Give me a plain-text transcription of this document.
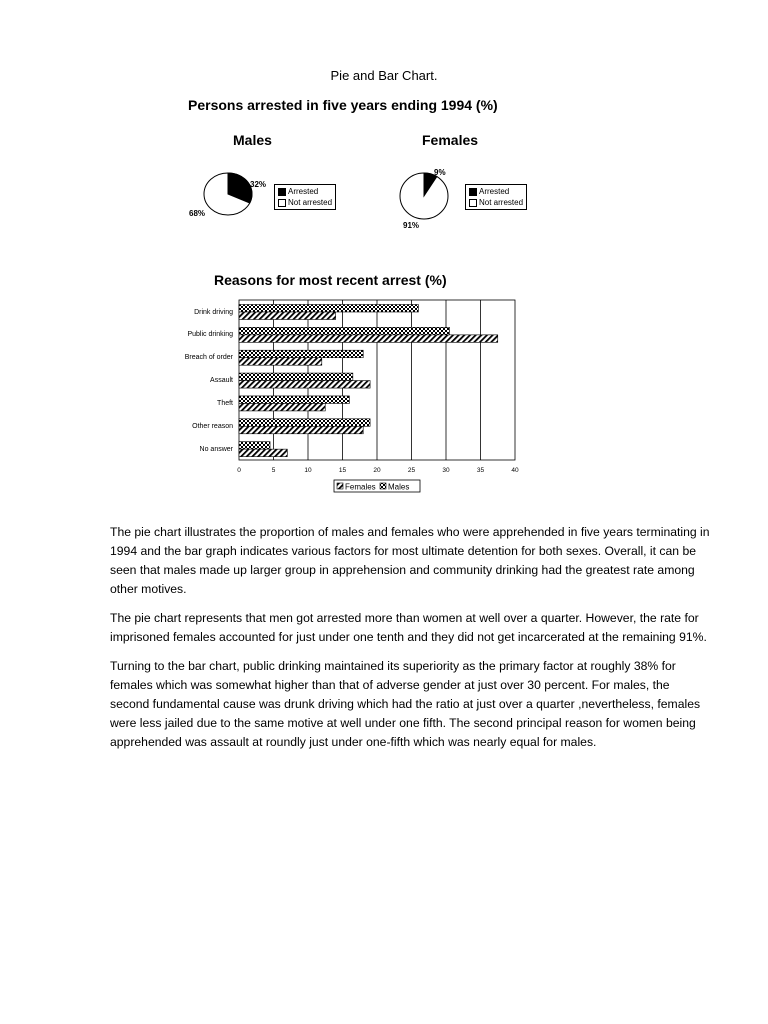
Pie and Bar Chart.
Persons arrested in five years ending 1994 (%)
Males	Females
32%
68%
Arrested
Not arrested
9%
91%
Arrested
Not arrested
Reasons for most recent arrest (%)
Drink driving
Public drinking
Breach of order
Assault
Theft
Other reason
No answer
0	5	10	15	20	25	30	35	40
Females Males

The pie chart illustrates the proportion of males and females who were apprehended in five years terminating in 1994 and the bar graph indicates various factors for most ultimate detention for both sexes. Overall, it can be seen that males made up larger group in apprehension and community drinking had the greatest rate among other motives.

The pie chart represents that men got arrested more than women at well over a quarter. However, the rate for imprisoned females accounted for just under one tenth and they did not get incarcerated at the remaining 91%.

Turning to the bar chart, public drinking maintained its superiority as the primary factor at roughly 38% for females which was somewhat higher than that of adverse gender at just over 30 percent. For males, the second fundamental cause was drunk driving which had the ratio at just over a quarter ,nevertheless, females were less jailed due to the same motive at well under one fifth. The second principal reason for women being apprehended was assault at roundly just under one-fifth which was nearly equal for males.
